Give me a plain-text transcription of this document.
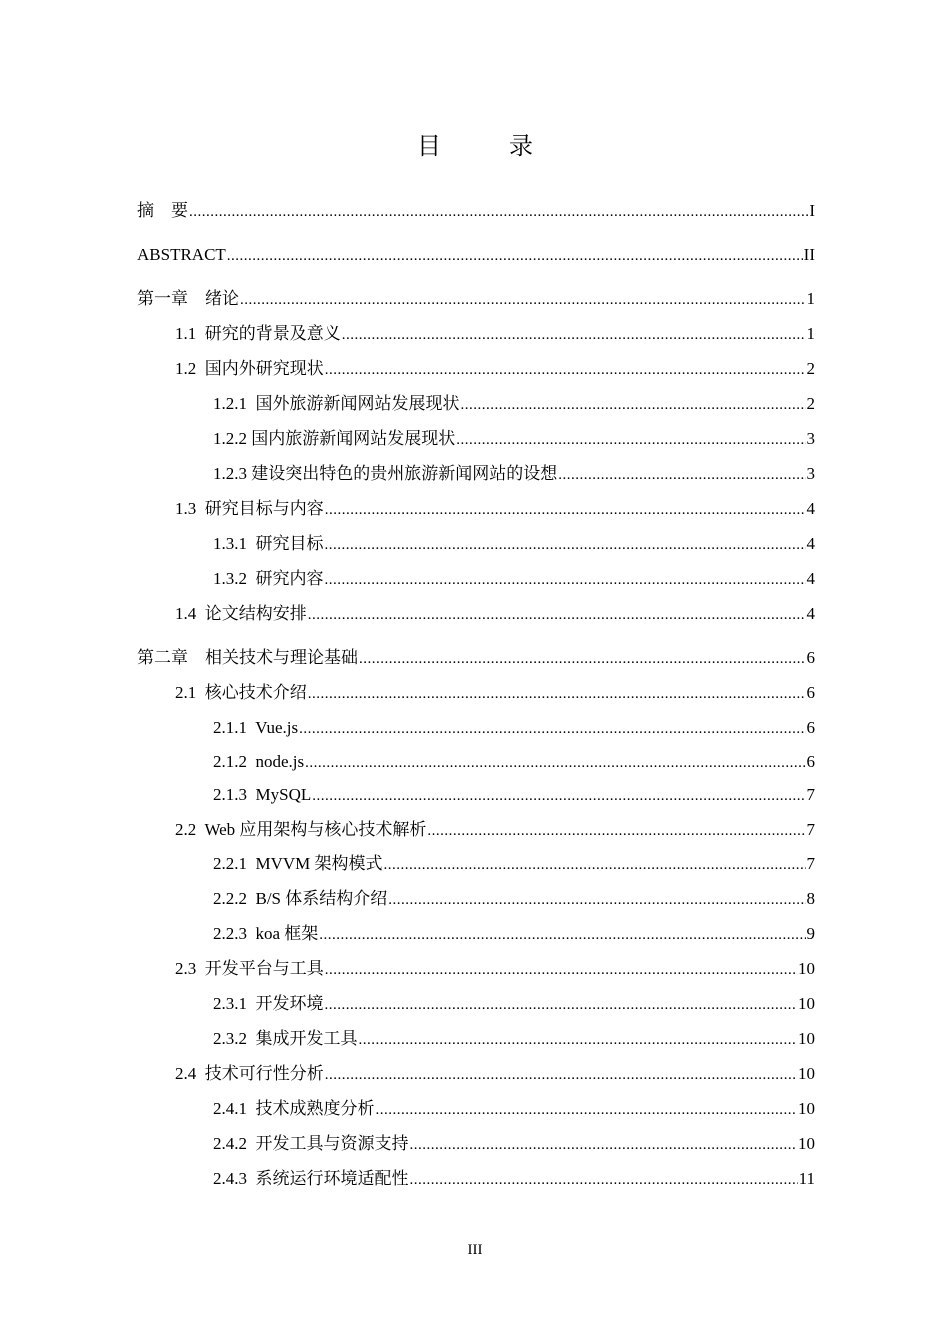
目　录
摘　要 .....	I
ABSTRACT .....	II
第一章　绪论 .....	1
1.1  研究的背景及意义 .....	1
1.2  国内外研究现状 .....	2
1.2.1  国外旅游新闻网站发展现状 .....	2
1.2.2 国内旅游新闻网站发展现状 .....	3
1.2.3 建设突出特色的贵州旅游新闻网站的设想 .....	3
1.3  研究目标与内容 .....	4
1.3.1  研究目标 .....	4
1.3.2  研究内容 .....	4
1.4  论文结构安排 .....	4
第二章　相关技术与理论基础 .....	6
2.1  核心技术介绍 .....	6
2.1.1  Vue.js .....	6
2.1.2  node.js .....	6
2.1.3  MySQL .....	7
2.2  Web 应用架构与核心技术解析 .....	7
2.2.1  MVVM 架构模式 .....	7
2.2.2  B/S 体系结构介绍 .....	8
2.2.3  koa 框架 .....	9
2.3  开发平台与工具 .....	10
2.3.1  开发环境 .....	10
2.3.2  集成开发工具 .....	10
2.4  技术可行性分析 .....	10
2.4.1  技术成熟度分析 .....	10
2.4.2  开发工具与资源支持 .....	10
2.4.3  系统运行环境适配性 .....	11
III
